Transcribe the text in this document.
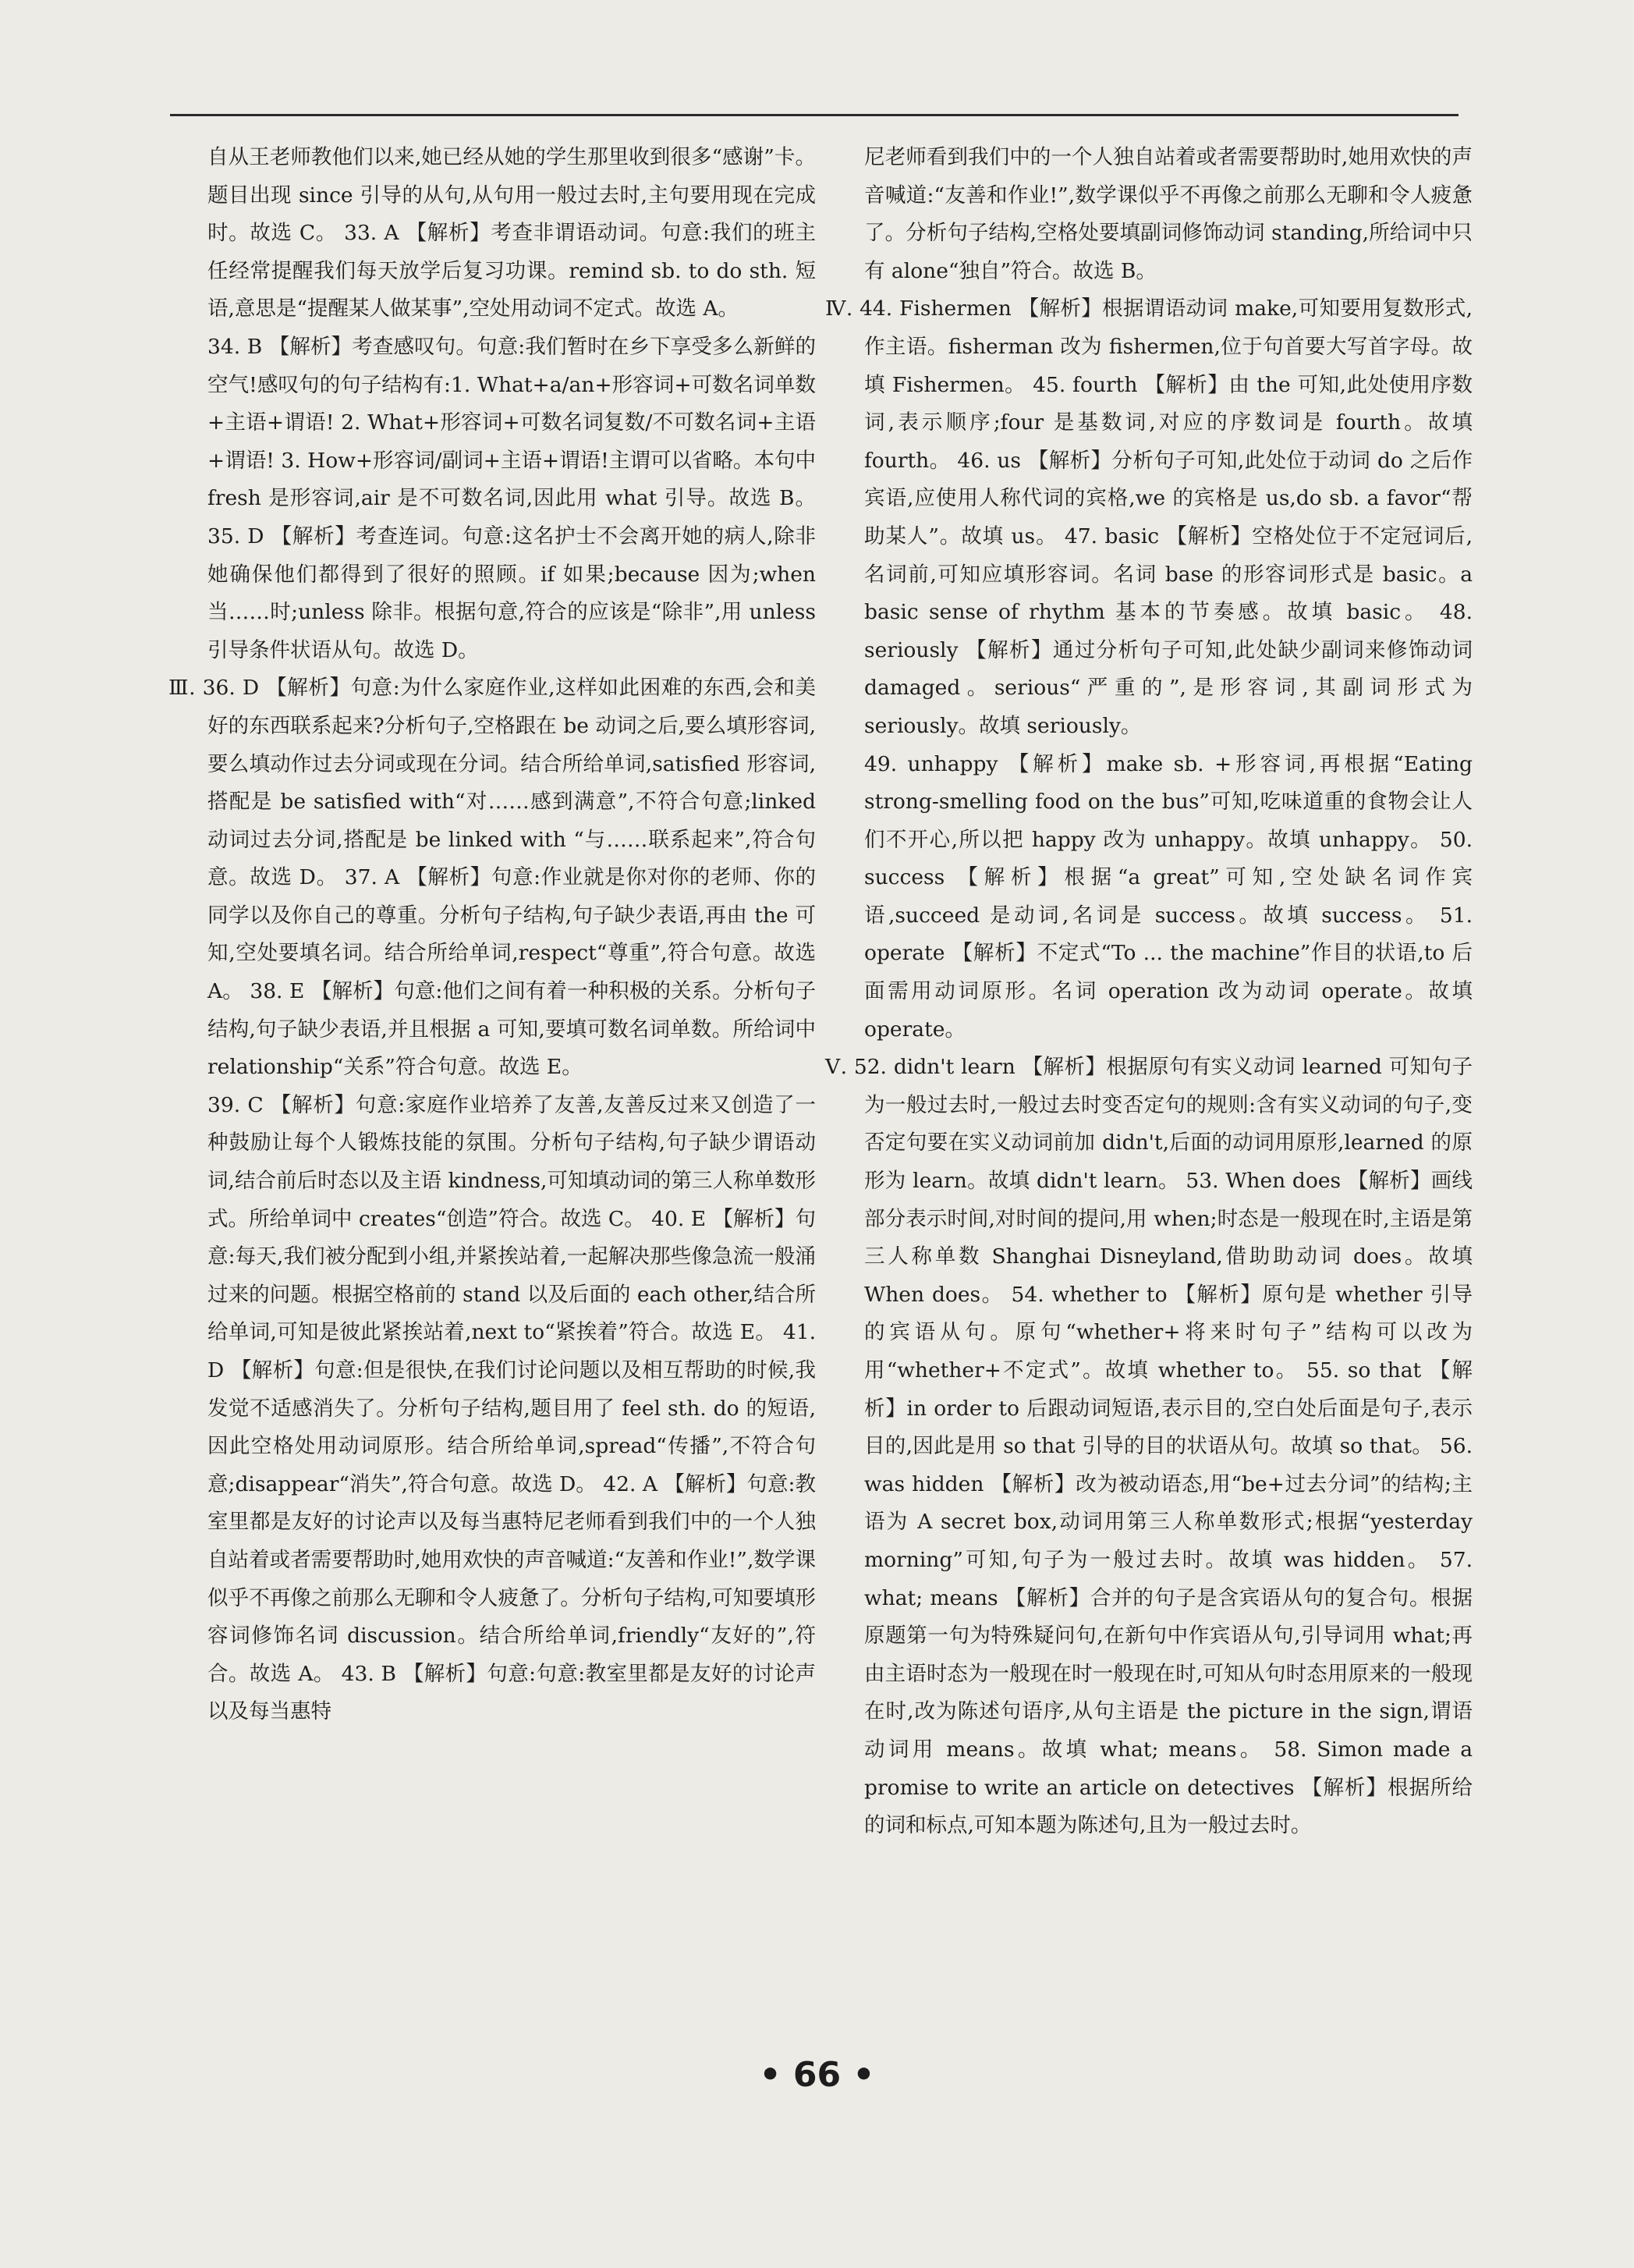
自从王老师教他们以来,她已经从她的学生那里收到很多“感谢”卡。题目出现 since 引导的从句,从句用一般过去时,主句要用现在完成时。故选 C。 33. A 【解析】考查非谓语动词。句意:我们的班主任经常提醒我们每天放学后复习功课。remind sb. to do sth. 短语,意思是“提醒某人做某事”,空处用动词不定式。故选 A。

34. B 【解析】考查感叹句。句意:我们暂时在乡下享受多么新鲜的空气!感叹句的句子结构有:1. What+a/an+形容词+可数名词单数+主语+谓语! 2. What+形容词+可数名词复数/不可数名词+主语+谓语! 3. How+形容词/副词+主语+谓语!主谓可以省略。本句中 fresh 是形容词,air 是不可数名词,因此用 what 引导。故选 B。 35. D 【解析】考查连词。句意:这名护士不会离开她的病人,除非她确保他们都得到了很好的照顾。if 如果;because 因为;when 当……时;unless 除非。根据句意,符合的应该是“除非”,用 unless 引导条件状语从句。故选 D。

Ⅲ. 36. D 【解析】句意:为什么家庭作业,这样如此困难的东西,会和美好的东西联系起来?分析句子,空格跟在 be 动词之后,要么填形容词,要么填动作过去分词或现在分词。结合所给单词,satisfied 形容词,搭配是 be satisfied with“对……感到满意”,不符合句意;linked 动词过去分词,搭配是 be linked with “与……联系起来”,符合句意。故选 D。 37. A 【解析】句意:作业就是你对你的老师、你的同学以及你自己的尊重。分析句子结构,句子缺少表语,再由 the 可知,空处要填名词。结合所给单词,respect“尊重”,符合句意。故选 A。 38. E 【解析】句意:他们之间有着一种积极的关系。分析句子结构,句子缺少表语,并且根据 a 可知,要填可数名词单数。所给词中 relationship“关系”符合句意。故选 E。

39. C 【解析】句意:家庭作业培养了友善,友善反过来又创造了一种鼓励让每个人锻炼技能的氛围。分析句子结构,句子缺少谓语动词,结合前后时态以及主语 kindness,可知填动词的第三人称单数形式。所给单词中 creates“创造”符合。故选 C。 40. E 【解析】句意:每天,我们被分配到小组,并紧挨站着,一起解决那些像急流一般涌过来的问题。根据空格前的 stand 以及后面的 each other,结合所给单词,可知是彼此紧挨站着,next to“紧挨着”符合。故选 E。 41. D 【解析】句意:但是很快,在我们讨论问题以及相互帮助的时候,我发觉不适感消失了。分析句子结构,题目用了 feel sth. do 的短语,因此空格处用动词原形。结合所给单词,spread“传播”,不符合句意;disappear“消失”,符合句意。故选 D。 42. A 【解析】句意:教室里都是友好的讨论声以及每当惠特尼老师看到我们中的一个人独自站着或者需要帮助时,她用欢快的声音喊道:“友善和作业!”,数学课似乎不再像之前那么无聊和令人疲惫了。分析句子结构,可知要填形容词修饰名词 discussion。结合所给单词,friendly“友好的”,符合。故选 A。 43. B 【解析】句意:句意:教室里都是友好的讨论声以及每当惠特

尼老师看到我们中的一个人独自站着或者需要帮助时,她用欢快的声音喊道:“友善和作业!”,数学课似乎不再像之前那么无聊和令人疲惫了。分析句子结构,空格处要填副词修饰动词 standing,所给词中只有 alone“独自”符合。故选 B。

Ⅳ. 44. Fishermen 【解析】根据谓语动词 make,可知要用复数形式,作主语。fisherman 改为 fishermen,位于句首要大写首字母。故填 Fishermen。 45. fourth 【解析】由 the 可知,此处使用序数词,表示顺序;four 是基数词,对应的序数词是 fourth。故填 fourth。 46. us 【解析】分析句子可知,此处位于动词 do 之后作宾语,应使用人称代词的宾格,we 的宾格是 us,do sb. a favor“帮助某人”。故填 us。 47. basic 【解析】空格处位于不定冠词后,名词前,可知应填形容词。名词 base 的形容词形式是 basic。a basic sense of rhythm 基本的节奏感。故填 basic。 48. seriously 【解析】通过分析句子可知,此处缺少副词来修饰动词 damaged。serious“严重的”,是形容词,其副词形式为 seriously。故填 seriously。

49. unhappy 【解析】make sb. +形容词,再根据“Eating strong-smelling food on the bus”可知,吃味道重的食物会让人们不开心,所以把 happy 改为 unhappy。故填 unhappy。 50. success 【解析】根据“a great”可知,空处缺名词作宾语,succeed 是动词,名词是 success。故填 success。 51. operate 【解析】不定式“To ... the machine”作目的状语,to 后面需用动词原形。名词 operation 改为动词 operate。故填 operate。

Ⅴ. 52. didn't learn 【解析】根据原句有实义动词 learned 可知句子为一般过去时,一般过去时变否定句的规则:含有实义动词的句子,变否定句要在实义动词前加 didn't,后面的动词用原形,learned 的原形为 learn。故填 didn't learn。 53. When does 【解析】画线部分表示时间,对时间的提问,用 when;时态是一般现在时,主语是第三人称单数 Shanghai Disneyland,借助助动词 does。故填 When does。 54. whether to 【解析】原句是 whether 引导的宾语从句。原句“whether+将来时句子”结构可以改为用“whether+不定式”。故填 whether to。 55. so that 【解析】in order to 后跟动词短语,表示目的,空白处后面是句子,表示目的,因此是用 so that 引导的目的状语从句。故填 so that。 56. was hidden 【解析】改为被动语态,用“be+过去分词”的结构;主语为 A secret box,动词用第三人称单数形式;根据“yesterday morning”可知,句子为一般过去时。故填 was hidden。 57. what; means 【解析】合并的句子是含宾语从句的复合句。根据原题第一句为特殊疑问句,在新句中作宾语从句,引导词用 what;再由主语时态为一般现在时一般现在时,可知从句时态用原来的一般现在时,改为陈述句语序,从句主语是 the picture in the sign,谓语动词用 means。故填 what; means。 58. Simon made a promise to write an article on detectives 【解析】根据所给的词和标点,可知本题为陈述句,且为一般过去时。

• 66 •
